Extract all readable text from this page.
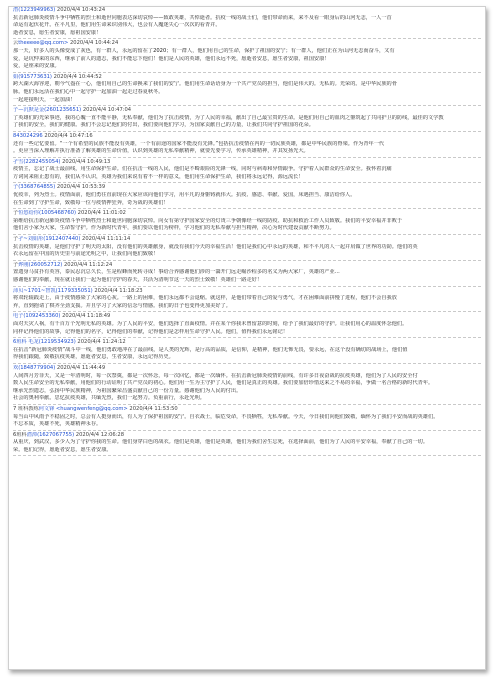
潜(1223949963) 2020/4/4 10:43:24

抗击新冠肺炎疫情斗争中牺牲的烈士和逝世同胞表达深切哀悼——致敢英雄，共悼逝者。抗疫一线的战士们，他们带命而来，来不及看一眼身后的山河无恙，一人一首

命运有起伏花开。在平凡里，他们用生命来识别伟大，也会有人魔迷失心一次次的看青并。

逝者安息，愿生者安康，愿祖国安康！

云theeeee@qq.com> 2020/4/4 10:44:24

那一天，好多人的头像变成了灰色，有一群人，永远的留在了2020；有一群人，他们用自己的生命，保护了祖国的安宁；有一群人，他们正在为山河无恙而奋斗，又有

爱，是坑忡来的东西，继承了前人的遗志，我们不能忘下他们！他们是人民的英雄，他们永远不死，愿逝者安息，愿生者安康，祖国安康！

爱，是座来的安康。

娟(915773631) 2020/4/4 10:44:52

跨大湖大海容迎，朝今气盎在一心，他们用自己的生命换来了我们的安宁。他们用生命话语身为一个共产党员的担当，他们是伟大的。无私的。光荣的。是中华民族的骨

脉。他们永远活在我们心中一起守护一起加油一起走过春夏秋冬。

一起迎接明天，一起加油！

子—沉默是金(2601235651) 2020/4/4 10:47:04

了英雄们的光荣事迹，我的心魄一直不能平静，无私奉献，他们为了抗击疫情，为了人民的幸福，献出了自己最宝贵的生命。是他们用自己的血肉之躯筑起了共同护卫的防线，最佳的文学教

了我们的安全，我们的健康。我们不会忘记他们的付出，我们要向他们学习，为国家贡献自己的力量，让我们共同守护祖国的花朵。

843024296 2020/4/4 10:47:16

还有一些记忆要留。“一个有希望的民族不能没有英雄，一个有前途的国家不能没有先锋。”包括抗击疫情在内的一切民族英雄，都是中华民族的脊梁。作为青年一代

。更应当深入理解并执行准备了解英雄的生命价值，认识到英雄的无私奉献精神，就要先要学习，传承英雄精神，并其发扬光大。

孑雪(2282455054) 2020/4/4 10:49:13

疫情主，忘记了战士最前线，用生命保护生命。们在抗击一线的人民，他们是不畸艰险的先锋一线，同时与病毒和异情跟争。守护着人民群众的生命安全。我怀着沉痛

方词同来阻止患有的，我们从不认识，英雄为我们来说有着不一样的意义，他们用生命保护生命，我们将永远记得，源远流长！

子(3368764855) 2020/4/4 10:53:39

优疫幸，列为烈士。疫情面前，他们勇往直前现在大家应该向他们学习，用平凡的身躯铸就伟大。抗疫、感恩、奉献、爱国，床遇担当、康洁给你人。

在生命到了守护生命，致敬每一位与疫情押狂奔，奇为战的英雄们！

子恒悠给你(1005468760) 2020/4/4 11:01:02

第维给抗击新冠肺炎疫情斗争中牺牲烈士和逝世同胞深切哀悼。向女有第守护国家安全的灯烫三争朝像经一线的防疫、助抗和救治工作人员致敬。我们的平安幸福并非败于

他们舍小家为大家，生命誓守护。作为新时代青年，我们要以他们为榜样，学习他们的无私奉献与担当精神，决心为时代建设贡献不断努力。

子孑~刘娟彤(1912407440) 2020/4/4 11:11:14

抗击疫情的英雄，是他们守护了明天的太阳，没有他们的英雄献身，就没有我们今天的幸福生活！他们是我们心中永远的英雄，和不平凡的人一起并肩做了世界的功勋。他们的英

衣永远留在中国的历史里与前途光明之中，让我们向他们致敬！

子烨刚(260052712) 2020/4/4 11:12:24

置遗身马贫扑有英容，泰民忍沉总久长，生是程蜂而死转寻成！事给合养感谢他们涉的一籌开门远走崛沙程多的名义为两大家厂，英雄的产业…

感谢他们的奉献，现在就让我们一起为他们守护的春天，共活为清明节这一天的烈士致敬！英雄们一路走好！

沛贝~1701~智凯(1179335051) 2020/4/4 11:18:23

将双轮辊践走上，由于疫情感染了大家的心灰。一路上的困难，他们永远都不会退缩。就这样，是他们带着自己的爱与勇气，才在困难面前拼慢了进程，他们不会自我放

弃，直到抱请了棋齐全劲支援。并且学习了大家的信念与情感。我们的日子也变得更加美好了。

电子(1092453360) 2020/4/4 11:18:49

面对天灾人祸，有千百万个光明无私的英雄。为了人民的平安，他们选择了直面疫情。并在某个你我未曾留意的时刻，给予了我们最好的守护。让我们用心的温度怀念他们。

同样记得他们的故事，记得他们的名字，记得他们的奉献，记得他们是怎样用生命守护人民。他们，值得我们永远铭记！

6班科 毛龙(1219534923) 2020/4/4 11:24:12

在抗击“新冠肺炎疫情”战斗中一线，他们勇敢地冲在了最前线，是人类的光辉，是厅高的品质，是信仰，是精神，他们无怖无畏，要永远，在这个没有确切的战场上，他们值

得我们跟随，致敬抗疫英雄，愿逝者安息，生者安康，永远记得历史。

欢(1848779904) 2020/4/4 11:44:49

人间四月芳菲天，又是一年清明时，每一次祭奠，都是一次怀念，每一次回忆，都是一次缅怀。在抗击新冠肺炎疫情的前线，有许多日夜奋战的抗疫英雄，他们为了人民的安全付

数人民生命安全的无私奉献，用他们的行动证明了共产党员的初心。他们用一生为主守护了人民，他们是真正的英雄。我们要加倍珍惜这来之不易的幸福，争做一名合格的新时代青年。

继承先烈遗志，弘扬中华民族精神，为祖国繁荣昌盛贡献自己的一份力量。感谢他们为人民的付出。

社会的奥利奉献。思忆抗疫英雄，共缅先烈，我们一起努力。负重前行，永赴光明。

7 班科教练何文锋 <huangwenfeng@qq.com> 2020/4/4 11:53:50

每当山中风雨予不稳固之时，总会有人挺身而出，有人为了保护祖国的安宁。自衣战士，临危受命，不畏牺牲，无私奉献。今天，今日我们向他们致敬，缅怀为了我们平安而战的英雄们。

不忘本质，英雄不死，英雄精神永存。

6班科潜潭(1627067755) 2020/4/4 12:06:28

从重庆，到武汉，多少人为了守护你我的生命。他们身穿白色的战衣。他们是英雄，他们是英雄，他们为我们舍生忘死，在选择面前，他们为了人民的平安幸福，奉献了自己的一切。

荣。他们记得，愿逝者安息，愿生者安康。
